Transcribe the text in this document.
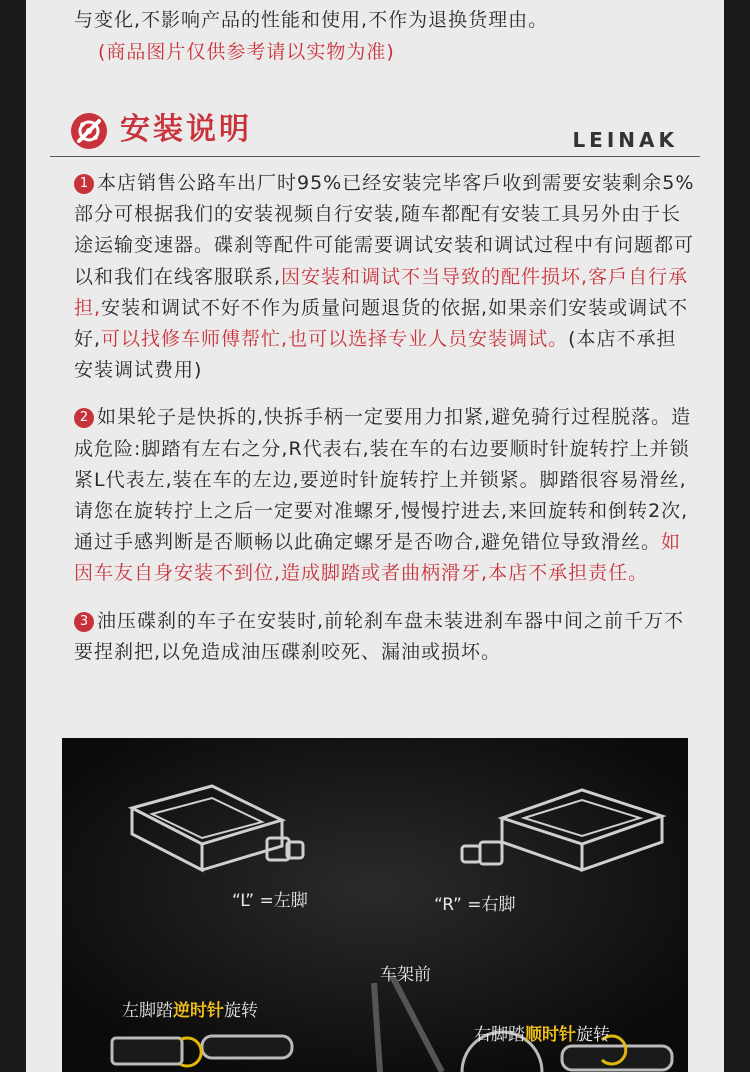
与变化,不影响产品的性能和使用,不作为退换货理由。
(商品图片仅供参考请以实物为准)
安装说明	LEINAK
1 本店销售公路车出厂时95%已经安装完毕客戶收到需要安装剩余5%部分可根据我们的安装视频自行安装,随车都配有安装工具另外由于长途运输变速器。碟刹等配件可能需要调试安装和调试过程中有问题都可以和我们在线客服联系,因安装和调试不当导致的配件损坏,客戶自行承担,安装和调试不好不作为质量问题退货的依据,如果亲们安装或调试不好,可以找修车师傅帮忙,也可以选择专业人员安装调试。(本店不承担安装调试费用)
2 如果轮子是快拆的,快拆手柄一定要用力扣紧,避免骑行过程脱落。造成危险:脚踏有左右之分,R代表右,装在车的右边要顺时针旋转拧上并锁紧L代表左,装在车的左边,要逆时针旋转拧上并锁紧。脚踏很容易滑丝,请您在旋转拧上之后一定要对准螺牙,慢慢拧进去,来回旋转和倒转2次,通过手感判断是否顺畅以此确定螺牙是否吻合,避免错位导致滑丝。如因车友自身安装不到位,造成脚踏或者曲柄滑牙,本店不承担责任。
3 油压碟刹的车子在安装时,前轮刹车盘未装进刹车器中间之前千万不要捏刹把,以免造成油压碟刹咬死、漏油或损坏。
“L” =左脚	“R” =右脚
车架前
左脚踏逆时针旋转
右脚踏顺时针旋转
